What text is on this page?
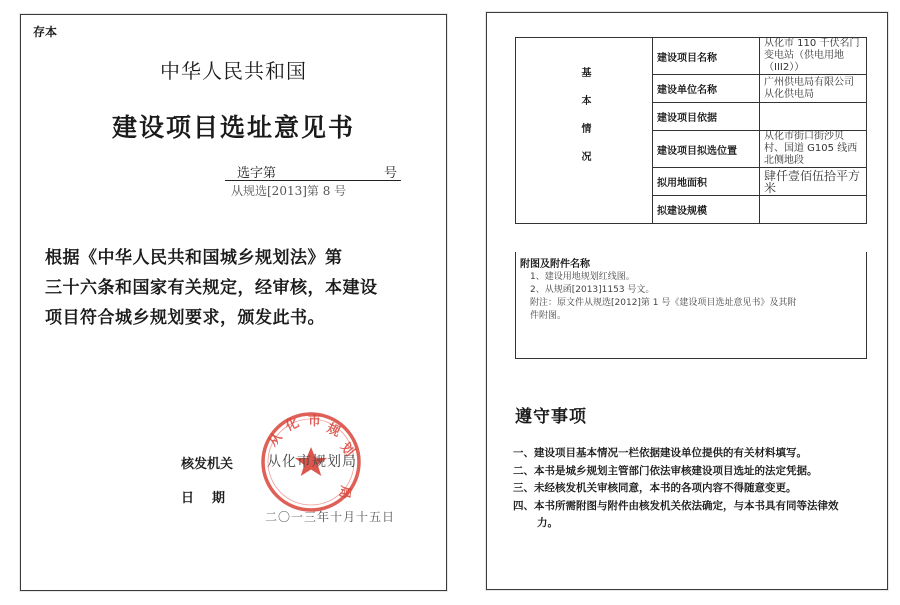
存本
中华人民共和国
建设项目选址意见书
选字第	号
从规选[2013]第 8 号
根据《中华人民共和国城乡规划法》第
三十六条和国家有关规定，经审核，本建设
项目符合城乡规划要求，颁发此书。
从
化 市 规
划
局
核发机关 从化市规划局
日期
二〇一三年十月十五日
基本情况	建设项目名称	从化市 110 千伏名门变电站（供电用地（III2））
	建设单位名称	广州供电局有限公司从化供电局
	建设项目依据	
	建设项目拟选位置	从化市街口街沙贝村、国道 G105 线西北侧地段
	拟用地面积	肆仟壹佰伍拾平方米
	拟建设规模	
附图及附件名称
1、建设用地规划红线图。
2、从规函[2013]1153 号文。
附注：原文件从规选[2012]第 1 号《建设项目选址意见书》及其附
件附图。
遵守事项
一、建设项目基本情况一栏依据建设单位提供的有关材料填写。
二、本书是城乡规划主管部门依法审核建设项目选址的法定凭据。
三、未经核发机关审核同意，本书的各项内容不得随意变更。
四、本书所需附图与附件由核发机关依法确定，与本书具有同等法律效
力。
